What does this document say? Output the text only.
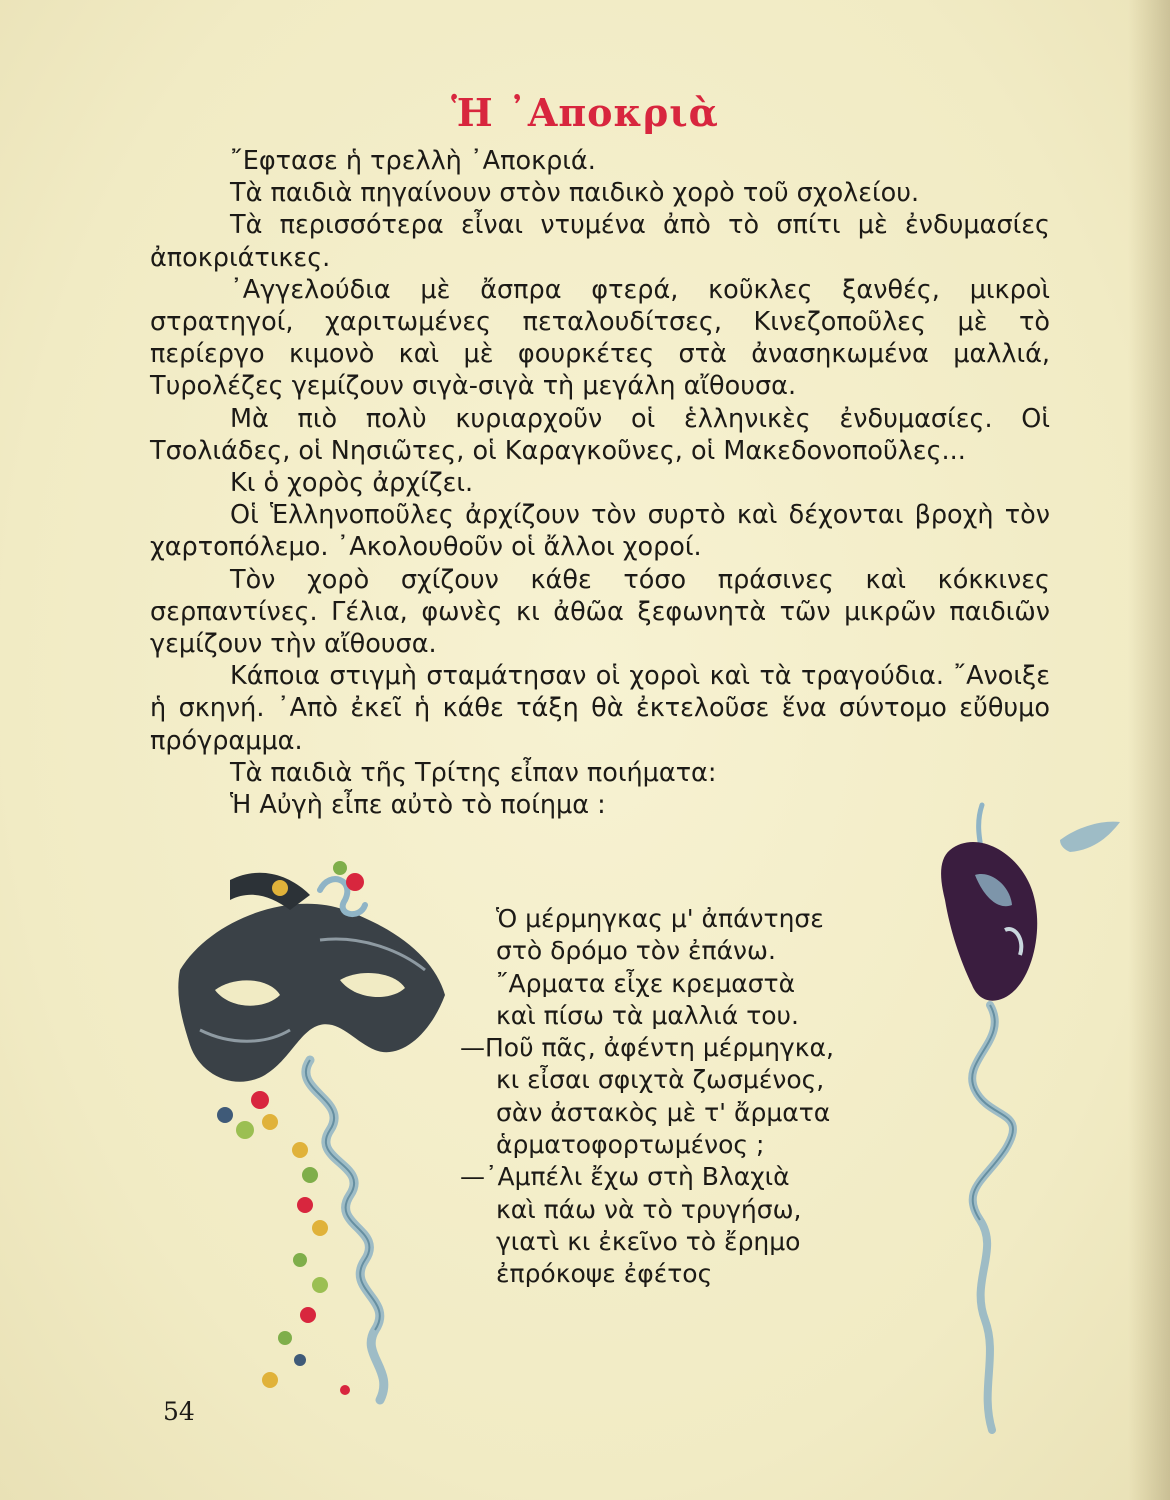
Ἡ ᾿Αποκριὰ

῎Εφτασε ἡ τρελλὴ ᾿Αποκριά.

Τὰ παιδιὰ πηγαίνουν στὸν παιδικὸ χορὸ τοῦ σχολείου.

Τὰ περισσότερα εἶναι ντυμένα ἀπὸ τὸ σπίτι μὲ ἐνδυμασίες ἀποκριάτικες.

᾿Αγγελούδια μὲ ἄσπρα φτερά, κοῦκλες ξανθές, μικροὶ στρατηγοί, χαριτωμένες πεταλουδίτσες, Κινεζοποῦλες μὲ τὸ περίεργο κιμονὸ καὶ μὲ φουρκέτες στὰ ἀνασηκωμένα μαλλιά, Τυρολέζες γεμίζουν σιγὰ-σιγὰ τὴ μεγάλη αἴθουσα.

Μὰ πιὸ πολὺ κυριαρχοῦν οἱ ἑλληνικὲς ἐνδυμασίες. Οἱ Τσολιάδες, οἱ Νησιῶτες, οἱ Καραγκοῦνες, οἱ Μακεδονοποῦλες...

Κι ὁ χορὸς ἀρχίζει.

Οἱ Ἑλληνοποῦλες ἀρχίζουν τὸν συρτὸ καὶ δέχονται βροχὴ τὸν χαρτοπόλεμο. ᾿Ακολουθοῦν οἱ ἄλλοι χοροί.

Τὸν χορὸ σχίζουν κάθε τόσο πράσινες καὶ κόκκινες σερπαντίνες. Γέλια, φωνὲς κι ἀθῶα ξεφωνητὰ τῶν μικρῶν παιδιῶν γεμίζουν τὴν αἴθουσα.

Κάποια στιγμὴ σταμάτησαν οἱ χοροὶ καὶ τὰ τραγούδια. ῎Ανοιξε ἡ σκηνή. ᾿Απὸ ἐκεῖ ἡ κάθε τάξη θὰ ἐκτελοῦσε ἕνα σύντομο εὔθυμο πρόγραμμα.

Τὰ παιδιὰ τῆς Τρίτης εἶπαν ποιήματα:

Ἡ Αὐγὴ εἶπε αὐτὸ τὸ ποίημα :

Ὁ μέρμηγκας μ' ἀπάντησε
στὸ δρόμο τὸν ἐπάνω.
῎Αρματα εἶχε κρεμαστὰ
καὶ πίσω τὰ μαλλιά του.
—Ποῦ πᾶς, ἀφέντη μέρμηγκα,
κι εἶσαι σφιχτὰ ζωσμένος,
σὰν ἀστακὸς μὲ τ' ἄρματα
ἁρματοφορτωμένος ;
—᾿Αμπέλι ἔχω στὴ Βλαχιὰ
καὶ πάω νὰ τὸ τρυγήσω,
γιατὶ κι ἐκεῖνο τὸ ἔρημο
ἐπρόκοψε ἐφέτος
54
